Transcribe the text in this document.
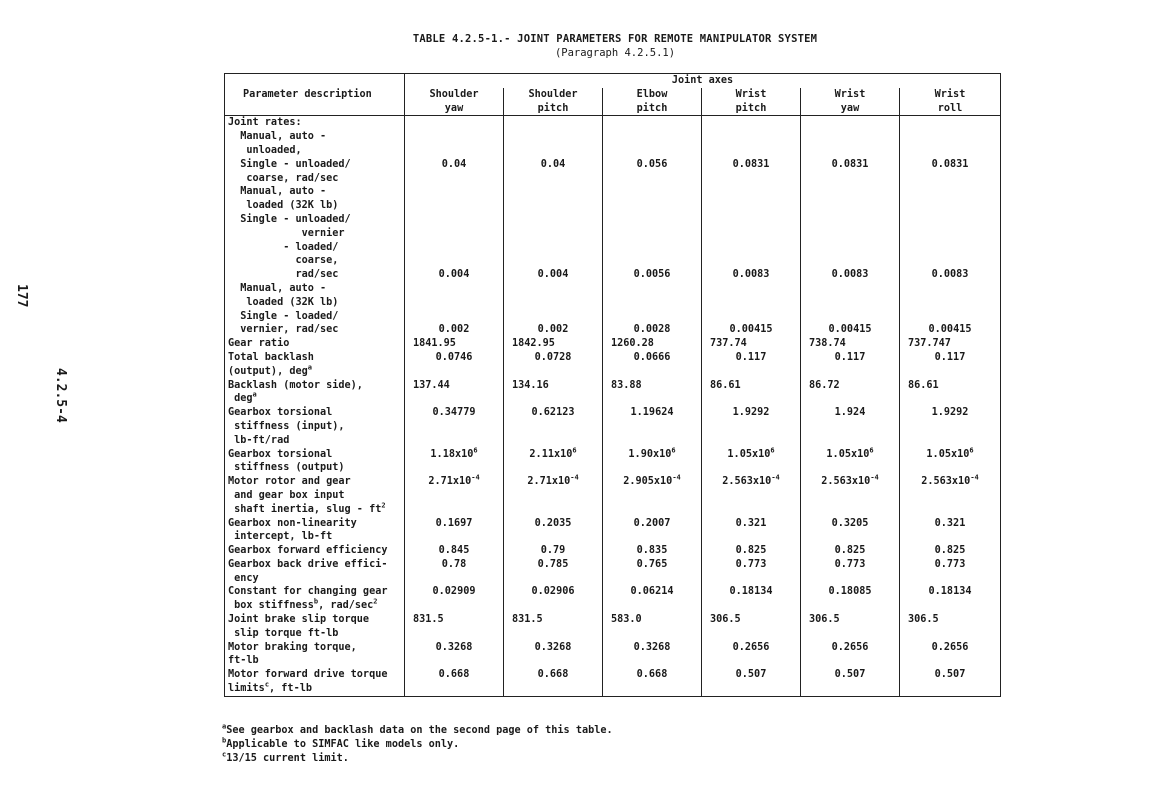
TABLE 4.2.5-1.- JOINT PARAMETERS FOR REMOTE MANIPULATOR SYSTEM
(Paragraph 4.2.5.1)
177
4.2.5-4
	Joint axes					
Parameter description	Shoulder	Shoulder	Elbow	Wrist	Wrist	Wrist
	yaw	pitch	pitch	pitch	yaw	roll
Joint rates:						
Manual, auto -						
unloaded,						
Single - unloaded/	0.04	0.04	0.056	0.0831	0.0831	0.0831
coarse, rad/sec						
Manual, auto -						
loaded (32K lb)						
Single - unloaded/						
vernier						
- loaded/						
coarse,						
rad/sec	0.004	0.004	0.0056	0.0083	0.0083	0.0083
Manual, auto -						
loaded (32K lb)						
Single - loaded/						
vernier, rad/sec	0.002	0.002	0.0028	0.00415	0.00415	0.00415
Gear ratio	1841.95	1842.95	1260.28	737.74	738.74	737.747
Total backlash	0.0746	0.0728	0.0666	0.117	0.117	0.117
(output), deg$^a$						
Backlash (motor side),	137.44	134.16	83.88	86.61	86.72	86.61
deg$^a$						
Gearbox torsional	0.34779	0.62123	1.19624	1.9292	1.924	1.9292
stiffness (input),						
lb-ft/rad						
Gearbox torsional	$1.18x10^6$	$2.11x10^6$	$1.90x10^6$	$1.05x10^6$	$1.05x10^6$	$1.05x10^6$
stiffness (output)						
Motor rotor and gear	$2.71x10^{-4}$	$2.71x10^{-4}$	$2.905x10^{-4}$	$2.563x10^{-4}$	$2.563x10^{-4}$	$2.563x10^{-4}$
and gear box input						
shaft inertia, slug - $ft^2$						
Gearbox non-linearity	0.1697	0.2035	0.2007	0.321	0.3205	0.321
intercept, lb-ft						
Gearbox forward efficiency	0.845	0.79	0.835	0.825	0.825	0.825
Gearbox back drive effici-	0.78	0.785	0.765	0.773	0.773	0.773
ency						
Constant for changing gear	0.02909	0.02906	0.06214	0.18134	0.18085	0.18134
box stiffness$^b$, rad/$\sec^2$						
Joint brake slip torque	831.5	831.5	583.0	306.5	306.5	306.5
slip torque ft-lb						
Motor braking torque,	0.3268	0.3268	0.3268	0.2656	0.2656	0.2656
ft-lb						
Motor forward drive torque	0.668	0.668	0.668	0.507	0.507	0.507
limits$^c$, ft-lb						

$^a$See gearbox and backlash data on the second page of this table.
$^b$Applicable to SIMFAC like models only.
$^c$13/15 current limit.
